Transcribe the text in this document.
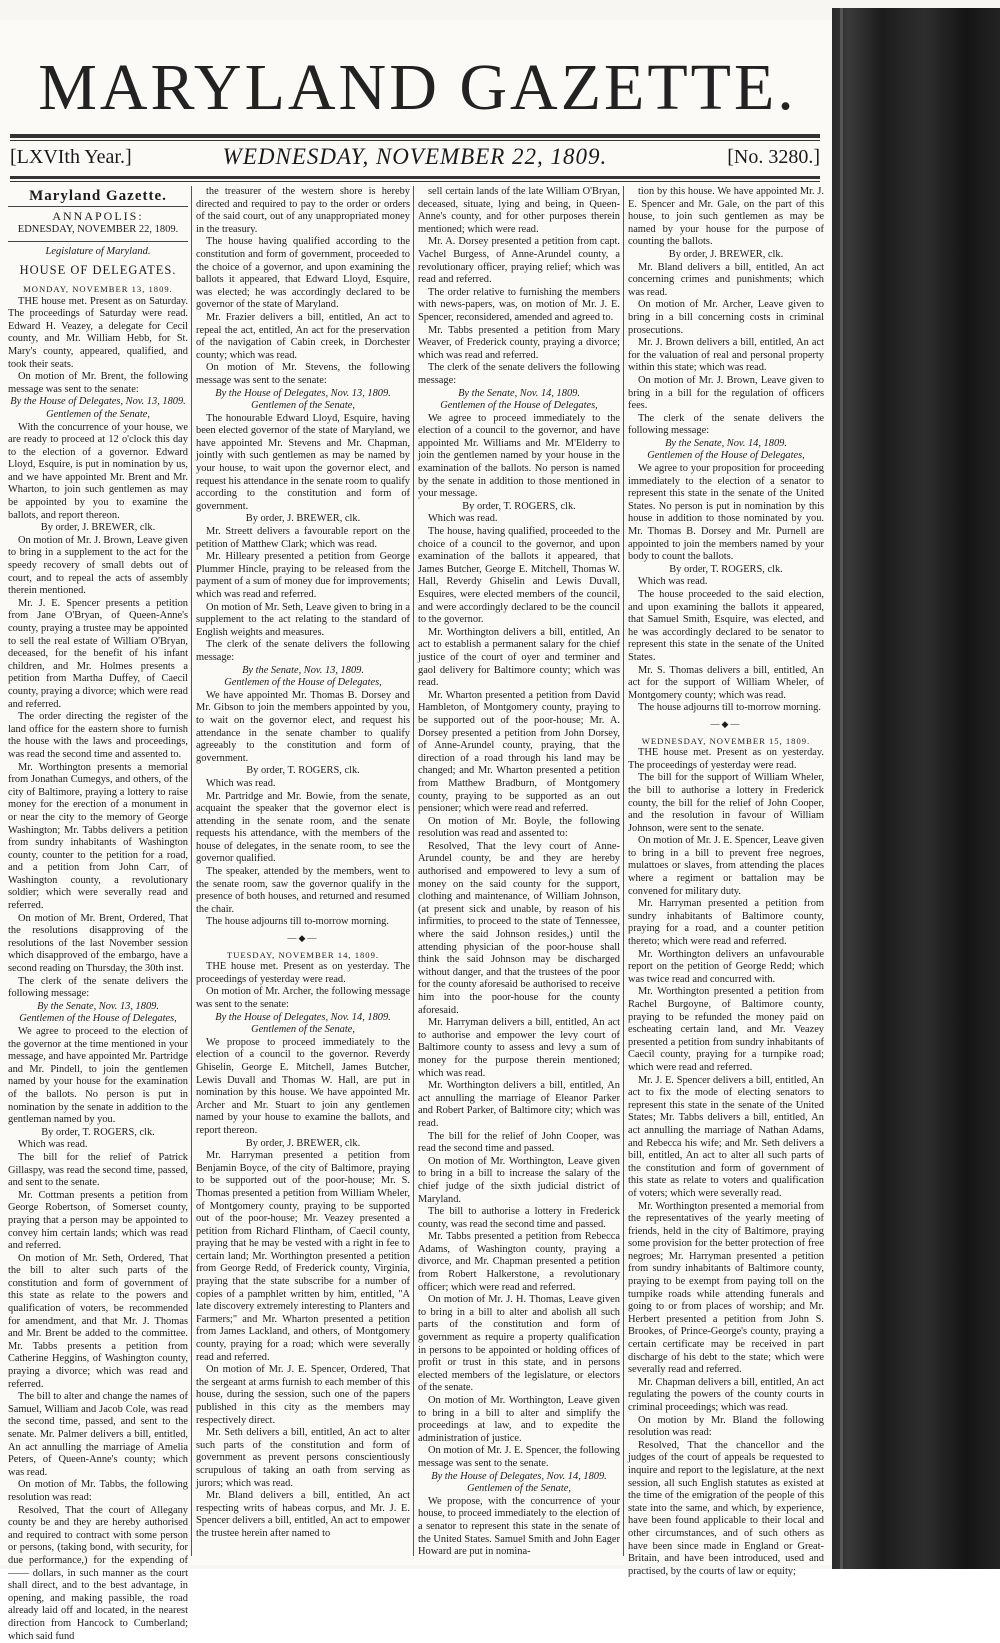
MARYLAND GAZETTE.
[LXVIth Year.]	WEDNESDAY, NOVEMBER 22, 1809.	[No. 3280.]
Maryland Gazette.
ANNAPOLIS:
EDNESDAY, NOVEMBER 22, 1809.
Legislature of Maryland.
HOUSE OF DELEGATES.

MONDAY, NOVEMBER 13, 1809.

THE house met. Present as on Saturday. The proceedings of Saturday were read. Edward H. Veazey, a delegate for Cecil county, and Mr. William Hebb, for St. Mary's county, appeared, qualified, and took their seats.

On motion of Mr. Brent, the following message was sent to the senate:

By the House of Delegates, Nov. 13, 1809.

Gentlemen of the Senate,

With the concurrence of your house, we are ready to proceed at 12 o'clock this day to the election of a governor. Edward Lloyd, Esquire, is put in nomination by us, and we have appointed Mr. Brent and Mr. Wharton, to join such gentlemen as may be appointed by you to examine the ballots, and report thereon.

By order, J. BREWER, clk.

On motion of Mr. J. Brown, Leave given to bring in a supplement to the act for the speedy recovery of small debts out of court, and to repeal the acts of assembly therein mentioned.

Mr. J. E. Spencer presents a petition from Jane O'Bryan, of Queen-Anne's county, praying a trustee may be appointed to sell the real estate of William O'Bryan, deceased, for the benefit of his infant children, and Mr. Holmes presents a petition from Martha Duffey, of Caecil county, praying a divorce; which were read and referred.

The order directing the register of the land office for the eastern shore to furnish the house with the laws and proceedings, was read the second time and assented to.

Mr. Worthington presents a memorial from Jonathan Cumegys, and others, of the city of Baltimore, praying a lottery to raise money for the erection of a monument in or near the city to the memory of George Washington; Mr. Tabbs delivers a petition from sundry inhabitants of Washington county, counter to the petition for a road, and a petition from John Carr, of Washington county, a revolutionary soldier; which were severally read and referred.

On motion of Mr. Brent, Ordered, That the resolutions disapproving of the resolutions of the last November session which disapproved of the embargo, have a second reading on Thursday, the 30th inst.

The clerk of the senate delivers the following message:

By the Senate, Nov. 13, 1809.

Gentlemen of the House of Delegates,

We agree to proceed to the election of the governor at the time mentioned in your message, and have appointed Mr. Partridge and Mr. Pindell, to join the gentlemen named by your house for the examination of the ballots. No person is put in nomination by the senate in addition to the gentleman named by you.

By order, T. ROGERS, clk.

Which was read.

The bill for the relief of Patrick Gillaspy, was read the second time, passed, and sent to the senate.

Mr. Cottman presents a petition from George Robertson, of Somerset county, praying that a person may be appointed to convey him certain lands; which was read and referred.

On motion of Mr. Seth, Ordered, That the bill to alter such parts of the constitution and form of government of this state as relate to the powers and qualification of voters, be recommended for amendment, and that Mr. J. Thomas and Mr. Brent be added to the committee. Mr. Tabbs presents a petition from Catherine Heggins, of Washington county, praying a divorce; which was read and referred.

The bill to alter and change the names of Samuel, William and Jacob Cole, was read the second time, passed, and sent to the senate. Mr. Palmer delivers a bill, entitled, An act annulling the marriage of Amelia Peters, of Queen-Anne's county; which was read.

On motion of Mr. Tabbs, the following resolution was read:

Resolved, That the court of Allegany county be and they are hereby authorised and required to contract with some person or persons, (taking bond, with security, for due performance,) for the expending of —— dollars, in such manner as the court shall direct, and to the best advantage, in opening, and making passible, the road already laid off and located, in the nearest direction from Hancock to Cumberland; which said fund

the treasurer of the western shore is hereby directed and required to pay to the order or orders of the said court, out of any unappropriated money in the treasury.

The house having qualified according to the constitution and form of government, proceeded to the choice of a governor, and upon examining the ballots it appeared, that Edward Lloyd, Esquire, was elected; he was accordingly declared to be governor of the state of Maryland.

Mr. Frazier delivers a bill, entitled, An act to repeal the act, entitled, An act for the preservation of the navigation of Cabin creek, in Dorchester county; which was read.

On motion of Mr. Stevens, the following message was sent to the senate:

By the House of Delegates, Nov. 13, 1809.

Gentlemen of the Senate,

The honourable Edward Lloyd, Esquire, having been elected governor of the state of Maryland, we have appointed Mr. Stevens and Mr. Chapman, jointly with such gentlemen as may be named by your house, to wait upon the governor elect, and request his attendance in the senate room to qualify according to the constitution and form of government.

By order, J. BREWER, clk.

Mr. Streett delivers a favourable report on the petition of Matthew Clark; which was read.

Mr. Hilleary presented a petition from George Plummer Hincle, praying to be released from the payment of a sum of money due for improvements; which was read and referred.

On motion of Mr. Seth, Leave given to bring in a supplement to the act relating to the standard of English weights and measures.

The clerk of the senate delivers the following message:

By the Senate, Nov. 13, 1809.

Gentlemen of the House of Delegates,

We have appointed Mr. Thomas B. Dorsey and Mr. Gibson to join the members appointed by you, to wait on the governor elect, and request his attendance in the senate chamber to qualify agreeably to the constitution and form of government.

By order, T. ROGERS, clk.

Which was read.

Mr. Partridge and Mr. Bowie, from the senate, acquaint the speaker that the governor elect is attending in the senate room, and the senate requests his attendance, with the members of the house of delegates, in the senate room, to see the governor qualified.

The speaker, attended by the members, went to the senate room, saw the governor qualify in the presence of both houses, and returned and resumed the chair.

The house adjourns till to-morrow morning.

—◆—

TUESDAY, NOVEMBER 14, 1809.

THE house met. Present as on yesterday. The proceedings of yesterday were read.

On motion of Mr. Archer, the following message was sent to the senate:

By the House of Delegates, Nov. 14, 1809.

Gentlemen of the Senate,

We propose to proceed immediately to the election of a council to the governor. Reverdy Ghiselin, George E. Mitchell, James Butcher, Lewis Duvall and Thomas W. Hall, are put in nomination by this house. We have appointed Mr. Archer and Mr. Stuart to join any gentlemen named by your house to examine the ballots, and report thereon.

By order, J. BREWER, clk.

Mr. Harryman presented a petition from Benjamin Boyce, of the city of Baltimore, praying to be supported out of the poor-house; Mr. S. Thomas presented a petition from William Wheler, of Montgomery county, praying to be supported out of the poor-house; Mr. Veazey presented a petition from Richard Flintham, of Caecil county, praying that he may be vested with a right in fee to certain land; Mr. Worthington presented a petition from George Redd, of Frederick county, Virginia, praying that the state subscribe for a number of copies of a pamphlet written by him, entitled, "A late discovery extremely interesting to Planters and Farmers;" and Mr. Wharton presented a petition from James Lackland, and others, of Montgomery county, praying for a road; which were severally read and referred.

On motion of Mr. J. E. Spencer, Ordered, That the sergeant at arms furnish to each member of this house, during the session, such one of the papers published in this city as the members may respectively direct.

Mr. Seth delivers a bill, entitled, An act to alter such parts of the constitution and form of government as prevent persons conscientiously scrupulous of taking an oath from serving as jurors; which was read.

Mr. Bland delivers a bill, entitled, An act respecting writs of habeas corpus, and Mr. J. E. Spencer delivers a bill, entitled, An act to empower the trustee herein after named to

sell certain lands of the late William O'Bryan, deceased, situate, lying and being, in Queen-Anne's county, and for other purposes therein mentioned; which were read.

Mr. A. Dorsey presented a petition from capt. Vachel Burgess, of Anne-Arundel county, a revolutionary officer, praying relief; which was read and referred.

The order relative to furnishing the members with news-papers, was, on motion of Mr. J. E. Spencer, reconsidered, amended and agreed to.

Mr. Tabbs presented a petition from Mary Weaver, of Frederick county, praying a divorce; which was read and referred.

The clerk of the senate delivers the following message:

By the Senate, Nov. 14, 1809.

Gentlemen of the House of Delegates,

We agree to proceed immediately to the election of a council to the governor, and have appointed Mr. Williams and Mr. M'Elderry to join the gentlemen named by your house in the examination of the ballots. No person is named by the senate in addition to those mentioned in your message.

By order, T. ROGERS, clk.

Which was read.

The house, having qualified, proceeded to the choice of a council to the governor, and upon examination of the ballots it appeared, that James Butcher, George E. Mitchell, Thomas W. Hall, Reverdy Ghiselin and Lewis Duvall, Esquires, were elected members of the council, and were accordingly declared to be the council to the governor.

Mr. Worthington delivers a bill, entitled, An act to establish a permanent salary for the chief justice of the court of oyer and terminer and gaol delivery for Baltimore county; which was read.

Mr. Wharton presented a petition from David Hambleton, of Montgomery county, praying to be supported out of the poor-house; Mr. A. Dorsey presented a petition from John Dorsey, of Anne-Arundel county, praying, that the direction of a road through his land may be changed; and Mr. Wharton presented a petition from Matthew Bradburn, of Montgomery county, praying to be supported as an out pensioner; which were read and referred.

On motion of Mr. Boyle, the following resolution was read and assented to:

Resolved, That the levy court of Anne-Arundel county, be and they are hereby authorised and empowered to levy a sum of money on the said county for the support, clothing and maintenance, of William Johnson, (at present sick and unable, by reason of his infirmities, to proceed to the state of Tennessee, where the said Johnson resides,) until the attending physician of the poor-house shall think the said Johnson may be discharged without danger, and that the trustees of the poor for the county aforesaid be authorised to receive him into the poor-house for the county aforesaid.

Mr. Harryman delivers a bill, entitled, An act to authorise and empower the levy court of Baltimore county to assess and levy a sum of money for the purpose therein mentioned; which was read.

Mr. Worthington delivers a bill, entitled, An act annulling the marriage of Eleanor Parker and Robert Parker, of Baltimore city; which was read.

The bill for the relief of John Cooper, was read the second time and passed.

On motion of Mr. Worthington, Leave given to bring in a bill to increase the salary of the chief judge of the sixth judicial district of Maryland.

The bill to authorise a lottery in Frederick county, was read the second time and passed.

Mr. Tabbs presented a petition from Rebecca Adams, of Washington county, praying a divorce, and Mr. Chapman presented a petition from Robert Halkerstone, a revolutionary officer; which were read and referred.

On motion of Mr. J. H. Thomas, Leave given to bring in a bill to alter and abolish all such parts of the constitution and form of government as require a property qualification in persons to be appointed or holding offices of profit or trust in this state, and in persons elected members of the legislature, or electors of the senate.

On motion of Mr. Worthington, Leave given to bring in a bill to alter and simplify the proceedings at law, and to expedite the administration of justice.

On motion of Mr. J. E. Spencer, the following message was sent to the senate.

By the House of Delegates, Nov. 14, 1809.

Gentlemen of the Senate,

We propose, with the concurrence of your house, to proceed immediately to the election of a senator to represent this state in the senate of the United States. Samuel Smith and John Eager Howard are put in nomina-

tion by this house. We have appointed Mr. J. E. Spencer and Mr. Gale, on the part of this house, to join such gentlemen as may be named by your house for the purpose of counting the ballots.

By order, J. BREWER, clk.

Mr. Bland delivers a bill, entitled, An act concerning crimes and punishments; which was read.

On motion of Mr. Archer, Leave given to bring in a bill concerning costs in criminal prosecutions.

Mr. J. Brown delivers a bill, entitled, An act for the valuation of real and personal property within this state; which was read.

On motion of Mr. J. Brown, Leave given to bring in a bill for the regulation of officers fees.

The clerk of the senate delivers the following message:

By the Senate, Nov. 14, 1809.

Gentlemen of the House of Delegates,

We agree to your proposition for proceeding immediately to the election of a senator to represent this state in the senate of the United States. No person is put in nomination by this house in addition to those nominated by you. Mr. Thomas B. Dorsey and Mr. Purnell are appointed to join the members named by your body to count the ballots.

By order, T. ROGERS, clk.

Which was read.

The house proceeded to the said election, and upon examining the ballots it appeared, that Samuel Smith, Esquire, was elected, and he was accordingly declared to be senator to represent this state in the senate of the United States.

Mr. S. Thomas delivers a bill, entitled, An act for the support of William Wheler, of Montgomery county; which was read.

The house adjourns till to-morrow morning.

—◆—

WEDNESDAY, NOVEMBER 15, 1809.

THE house met. Present as on yesterday. The proceedings of yesterday were read.

The bill for the support of William Wheler, the bill to authorise a lottery in Frederick county, the bill for the relief of John Cooper, and the resolution in favour of William Johnson, were sent to the senate.

On motion of Mr. J. E. Spencer, Leave given to bring in a bill to prevent free negroes, mulattoes or slaves, from attending the places where a regiment or battalion may be convened for military duty.

Mr. Harryman presented a petition from sundry inhabitants of Baltimore county, praying for a road, and a counter petition thereto; which were read and referred.

Mr. Worthington delivers an unfavourable report on the petition of George Redd; which was twice read and concurred with.

Mr. Worthington presented a petition from Rachel Burgoyne, of Baltimore county, praying to be refunded the money paid on escheating certain land, and Mr. Veazey presented a petition from sundry inhabitants of Caecil county, praying for a turnpike road; which were read and referred.

Mr. J. E. Spencer delivers a bill, entitled, An act to fix the mode of electing senators to represent this state in the senate of the United States; Mr. Tabbs delivers a bill, entitled, An act annulling the marriage of Nathan Adams, and Rebecca his wife; and Mr. Seth delivers a bill, entitled, An act to alter all such parts of the constitution and form of government of this state as relate to voters and qualification of voters; which were severally read.

Mr. Worthington presented a memorial from the representatives of the yearly meeting of friends, held in the city of Baltimore, praying some provision for the better protection of free negroes; Mr. Harryman presented a petition from sundry inhabitants of Baltimore county, praying to be exempt from paying toll on the turnpike roads while attending funerals and going to or from places of worship; and Mr. Herbert presented a petition from John S. Brookes, of Prince-George's county, praying a certain certificate may be received in part discharge of his debt to the state; which were severally read and referred.

Mr. Chapman delivers a bill, entitled, An act regulating the powers of the county courts in criminal proceedings; which was read.

On motion by Mr. Bland the following resolution was read:

Resolved, That the chancellor and the judges of the court of appeals be requested to inquire and report to the legislature, at the next session, all such English statutes as existed at the time of the emigration of the people of this state into the same, and which, by experience, have been found applicable to their local and other circumstances, and of such others as have been since made in England or Great-Britain, and have been introduced, used and practised, by the courts of law or equity;
